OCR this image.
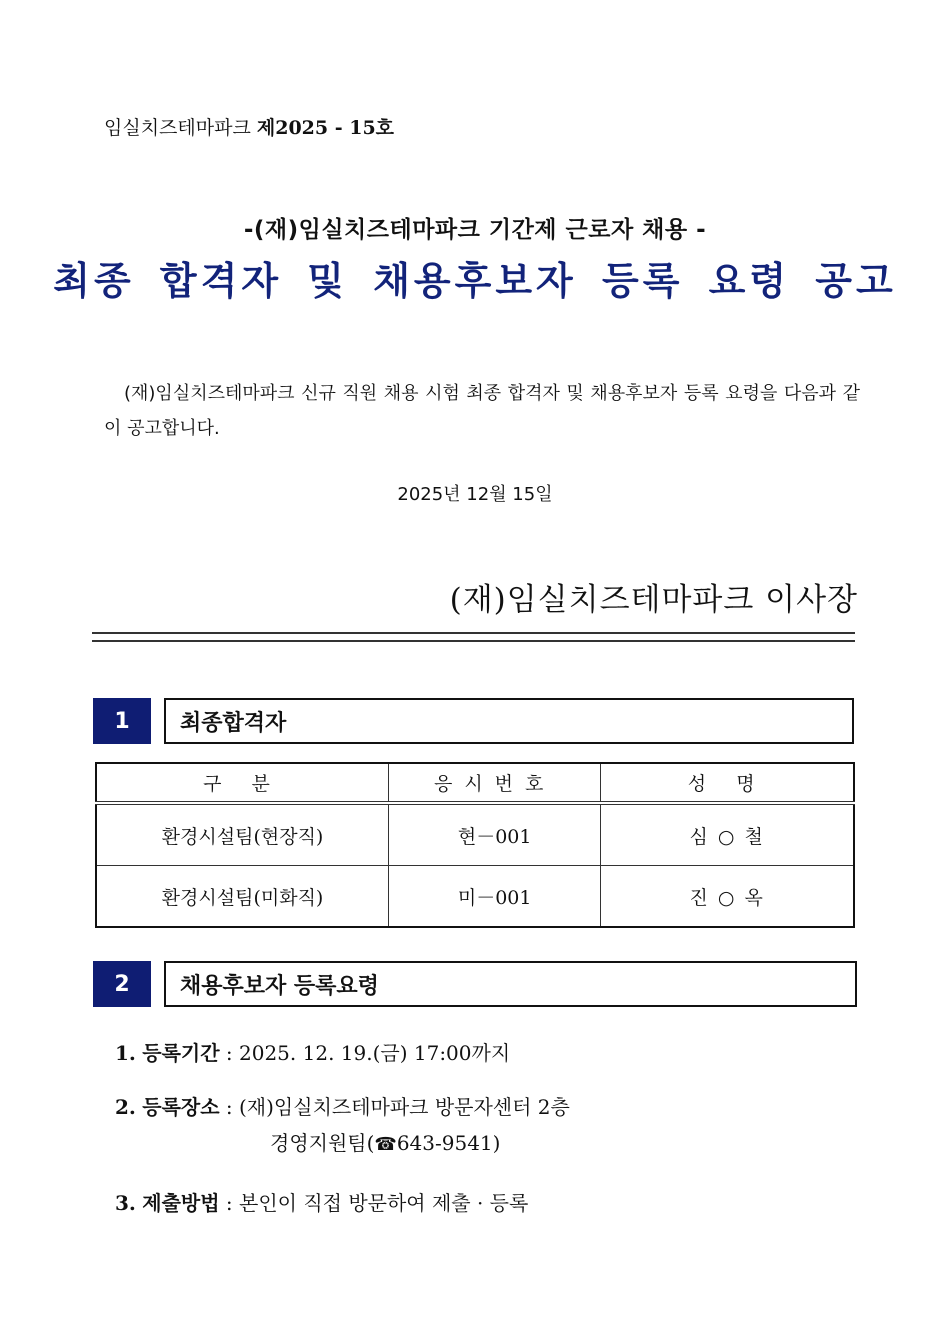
임실치즈테마파크 제2025 - 15호
-(재)임실치즈테마파크 기간제 근로자 채용 -
최종 합격자 및 채용후보자 등록 요령 공고
(재)임실치즈테마파크 신규 직원 채용 시험 최종 합격자 및 채용후보자 등록 요령을 다음과 같이 공고합니다.
2025년 12월 15일
(재)임실치즈테마파크 이사장
1	최종합격자
구 분	응시번호	성 명
환경시설팀(현장직)	현－001	심 ○ 철
환경시설팀(미화직)	미－001	진 ○ 옥
2	채용후보자 등록요령
1. 등록기간 : 2025. 12. 19.(금) 17:00까지
2. 등록장소 : (재)임실치즈테마파크 방문자센터 2층
경영지원팀(☎643-9541)
3. 제출방법 : 본인이 직접 방문하여 제출 · 등록
